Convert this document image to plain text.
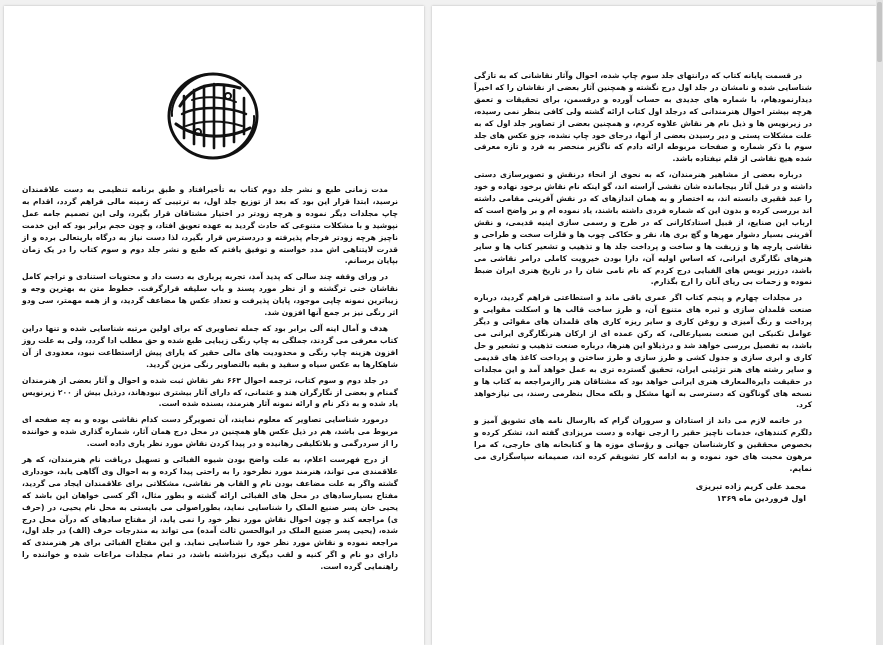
مدت زمانی طبع و نشر جلد دوم کتاب به تأخیرافتاد و طبق برنامه تنظیمی به دست علاقمندان نرسید، ابتدا قرار این بود که بعد از توزیع جلد اول، به ترتیبی که زمینه مالی فراهم گردد، اقدام به چاپ مجلدات دیگر نموده و هرچه زودتر در اختیار مشتاقان قرار بگیرد، ولی این تصمیم جامه عمل نپوشید و با مشکلات متنوعی که حادث گردید به عهده تعویق افتاد، و چون حجم برابر بود که این خدمت ناچیز هرچه زودتر فرجام پذیرفته و دردسترس قرار بگیرد، لذا دست نیاز به درگاه باریتعالی برده و از قدرت لایتناهی اش مدد خواسته و توفیق یافتم که طبع و نشر جلد دوم و سوم کتاب را در یک زمان بپایان برسانم.

در ورای وقفه چند سالی که پدید آمد، تجربه پرباری به دست داد و محتویات استنادی و تراجم کامل نقاشان خنی ترگشته و از نظر مورد پسند و باب سلیقه قرارگرفت. خطوط متن به بهترین وجه و زیباترین نمونه چاپی موجود، پایان پذیرفت و تعداد عکس ها مضاعف گردید، و از همه مهمتر، سی ودو اثر رنگی نیز بر جمع آنها افزون شد.

هدف و آمال اینه آلی برابر بود که جمله تصاویری که برای اولین مرتبه شناسایی شده و تنها دراین کتاب معرفی می گردند، جملگی به چاپ رنگی زیبایی طبع شده و حق مطلب ادا گردد، ولی به علت روز افزون هزینه چاپ رنگی و محدودیت های مالی حقیر که یارای پیش ازاستطاعت نبود، معدودی از آن شاهکارها به عکس سیاه و سفید و بقیه بالتصاویر رنگی مزین گردید.

در جلد دوم و سوم کتاب، ترجمه احوال ۶۶۳ نفر نقاش ثبت شده و احوال و آثار بعضی از هنرمندان گمنام و بعضی از نگارگران هند و عثمانی، که دارای آثار بیشتری نبودهاند، درذیل بیش از ۲۰۰ زیرنویس یاد شده و به ذکر نام و ارائه نمونه آثار هنرمند، بسنده شده است.

درمورد شناسایی تصاویر که معلوم نمایند، آن تصویرگر دست کدام نقاشی بوده و به چه صفحه ای مربوط می باشد، هم در ذیل عکس هاو همچنین در محل درج همان آثار، شماره گذاری شده و خواننده را از سردرگمی و بلاتکلیفی رهانیده و در پیدا کردن نقاش مورد نظر یاری داده است.

از درج فهرست اعلام، به علت واضح بودن شیوه الفبائی و تسهیل دریافت نام هنرمندان، که هر علاقمندی می تواند، هنرمند مورد نظرخود را به راحتی پیدا کرده و به احوال وی آگاهی یابد، خودداری گشته واگر به علت مضاعف بودن نام و القاب هر نقاشی، مشکلاتی برای علاقمندان ایجاد می گردید، مفتاح بسیارسادهای در محل های الفبائی ارائه گشته و بطور مثال، اگر کسی خواهان این باشد که یحیی خان پسر صنیع الملک را شناسایی نماید، بطوراصولی می بایستی به محل نام یحیی، در (حرف ی) مراجعه کند و چون احوال نقاش مورد نظر خود را نمی یابد، از مفتاح سادهای که درآن محل درج شده، (یحیی پسر صنیع الملک در ابوالحسن ثالث آمده) می تواند به مندرجات حرف (الف) در جلد اول، مراجعه نموده و نقاش مورد نظر خود را شناسایی نماید. و این مفتاح الفبائی برای هر هنرمندی که دارای دو نام و اگر کنیه و لقب دیگری نیزداشته باشد، در تمام مجلدات مراعات شده و خواننده را راهنمایی گرده است.

در قسمت پایانه کتاب که درانتهای جلد سوم چاپ شده، احوال وآثار نقاشانی که به تازگی شناسایی شده و نامشان در جلد اول درج نگشته و همچنین آثار بعضی از نقاشان را که اخیراً دیدارنمودهام، با شماره های جدیدی به حساب آورده و درقسمن، برای تحقیقات و تعمق هرچه بیشتر احوال هنرمندانی که درجلد اول کتاب ارائه گشته ولی کافی بنظر نمی رسیده، در زیرنویس ها و ذیل نام هر نقاش علاوه کردم، و همچنین بعضی از تصاویر جلد اول که به علت مشکلات پستی و دیر رسیدن بعضی از آنها، درجای خود چاپ نشده، جزو عکس های جلد سوم با ذکر شماره و صفحات مربوطه ارائه دادم که ناگزیر منحصر به فرد و تازه معرفی شده هیچ نقاشی از قلم نیفتاده باشد.

درباره بعضی از مشاهیر هنرمندان، که به نحوی از انحاء درنقش و تصویرسازی دستی داشته و در قبل آثار بیجامانده شان نقشی آراسته اند، گو اینکه نام نقاش برخود نهاده و خود را عبد فقیری دانسته اند، به اختصار و به همان اندازهای که در نقش آفرینی مقامی داشته اند بررسی کرده و بدون این که شماره فردی داشته باشند، یاد نموده ام و بر واضح است که ارباب این صنایع، از قبیل استادکارانی که در طرح و رسمی سازی اینیه قدیمی، و نقش آفرینی بسیار دشوار مهرها و گچ بری ها، نقر و حکاکی چوب ها و فلزات سخت و طراحی و نقاشی پارچه ها و زربفت ها و ساخت و پرداخت جلد ها و تذهیب و تشعیر کتاب ها و سایر هنرهای نگارگری ایرانی، که اساس اولیه آن، دارا بودن خیرویت کاملی درامر نقاشی می باشد، درزیر نویس های الفبایی درج کردم که نام نامی شان را در تاریخ هنری ایران ضبط نموده و زحمات بی ریای آنان را ارج بگذارم.

در مجلدات چهارم و پنجم کتاب اگر عمری باقی ماند و استطاعتی فراهم گردید، درباره صنعت قلمدان سازی و ثبره های متنوع آن، و طرز ساخت قالب ها و اسکلت مقوایی و پرداخت و رنگ آمیزی و روغن کاری و سایر ریزه کاری های قلمدان های مقوائی و دیگر عوامل تکنیکی این صنعت بسیارعالی، که رکن عمده ای از ارکان هنرنگارگری ایرانی می باشد، به تفصیل بررسی خواهد شد و درذیلاو این هنرها، درباره صنعت تذهیب و تشعیر و حل کاری و ابری سازی و جدول کشی و طرز سازی و طرز ساختن و پرداخت کاغذ های قدیمی و سایر رشته های هنر تزئینی ایران، تحقیق گسترده تری به عمل خواهد آمد و این مجلدات در حقیقت دایرةالمعارف هنری ایرانی خواهد بود که مشتاقان هنر راازمراجعه به کتاب ها و نسخه های گوناگون که دسترسی به آنها مشکل و بلکه محال بنظرمی رسند، بی نیازخواهد کرد.

در خاتمه لازم می داند از استادان و سروران گرام که باارسال نامه های تشویق آمیز و دلگرم کنندهای، خدمات ناچیز حقیر را ارجی نهاده و دست مریزادی گفته اند، تشکر کرده و بخصوص محققین و کارشناسان جهانی و رؤسای موزه ها و کتابخانه های خارجی، که مرا مرهون محبت های خود نموده و به ادامه کار تشویقم کرده اند، صمیمانه سپاسگزاری می نمایم.

محمد علی کریم زاده تبریزی
اول فروردین ماه ۱۳۶۹
